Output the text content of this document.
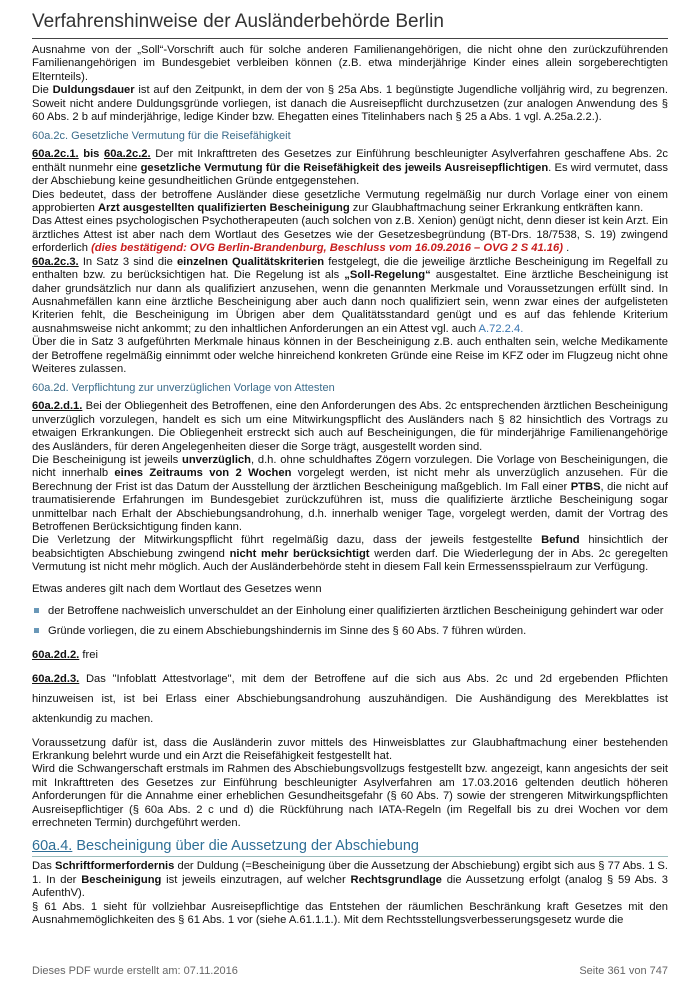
Verfahrenshinweise der Ausländerbehörde Berlin

Ausnahme von der „Soll“-Vorschrift auch für solche anderen Familienangehörigen, die nicht ohne den zurückzuführenden Familienangehörigen im Bundesgebiet verbleiben können (z.B. etwa minderjährige Kinder eines allein sorgeberechtigten Elternteils).

Die Duldungsdauer ist auf den Zeitpunkt, in dem der von § 25a Abs. 1 begünstigte Jugendliche volljährig wird, zu begrenzen. Soweit nicht andere Duldungsgründe vorliegen, ist danach die Ausreisepflicht durchzusetzen (zur analogen Anwendung des § 60 Abs. 2 b auf minderjährige, ledige Kinder bzw. Ehegatten eines Titelinhabers nach § 25 a Abs. 1 vgl. A.25a.2.2.).

60a.2c. Gesetzliche Vermutung für die Reisefähigkeit

60a.2c.1. bis 60a.2c.2. Der mit Inkrafttreten des Gesetzes zur Einführung beschleunigter Asylverfahren geschaffene Abs. 2c enthält nunmehr eine gesetzliche Vermutung für die Reisefähigkeit des jeweils Ausreisepflichtigen. Es wird vermutet, dass der Abschiebung keine gesundheitlichen Gründe entgegenstehen.

Dies bedeutet, dass der betroffene Ausländer diese gesetzliche Vermutung regelmäßig nur durch Vorlage einer von einem approbierten Arzt ausgestellten qualifizierten Bescheinigung zur Glaubhaftmachung seiner Erkrankung entkräften kann.

Das Attest eines psychologischen Psychotherapeuten (auch solchen von z.B. Xenion) genügt nicht, denn dieser ist kein Arzt. Ein ärztliches Attest ist aber nach dem Wortlaut des Gesetzes wie der Gesetzesbegründung (BT-Drs. 18/7538, S. 19) zwingend erforderlich (dies bestätigend: OVG Berlin-Brandenburg, Beschluss vom 16.09.2016 – OVG 2 S 41.16) .

60a.2c.3. In Satz 3 sind die einzelnen Qualitätskriterien festgelegt, die die jeweilige ärztliche Bescheinigung im Regelfall zu enthalten bzw. zu berücksichtigen hat. Die Regelung ist als „Soll-Regelung“ ausgestaltet. Eine ärztliche Bescheinigung ist daher grundsätzlich nur dann als qualifiziert anzusehen, wenn die genannten Merkmale und Voraussetzungen erfüllt sind. In Ausnahmefällen kann eine ärztliche Bescheinigung aber auch dann noch qualifiziert sein, wenn zwar eines der aufgelisteten Kriterien fehlt, die Bescheinigung im Übrigen aber dem Qualitätsstandard genügt und es auf das fehlende Kriterium ausnahmsweise nicht ankommt; zu den inhaltlichen Anforderungen an ein Attest vgl. auch A.72.2.4.

Über die in Satz 3 aufgeführten Merkmale hinaus können in der Bescheinigung z.B. auch enthalten sein, welche Medikamente der Betroffene regelmäßig einnimmt oder welche hinreichend konkreten Gründe eine Reise im KFZ oder im Flugzeug nicht ohne Weiteres zulassen.

60a.2d. Verpflichtung zur unverzüglichen Vorlage von Attesten

60a.2.d.1. Bei der Obliegenheit des Betroffenen, eine den Anforderungen des Abs. 2c entsprechenden ärztlichen Bescheinigung unverzüglich vorzulegen, handelt es sich um eine Mitwirkungspflicht des Ausländers nach § 82 hinsichtlich des Vortrags zu etwaigen Erkrankungen. Die Obliegenheit erstreckt sich auch auf Bescheinigungen, die für minderjährige Familienangehörige des Ausländers, für deren Angelegenheiten dieser die Sorge trägt, ausgestellt worden sind.

Die Bescheinigung ist jeweils unverzüglich, d.h. ohne schuldhaftes Zögern vorzulegen. Die Vorlage von Bescheinigungen, die nicht innerhalb eines Zeitraums von 2 Wochen vorgelegt werden, ist nicht mehr als unverzüglich anzusehen. Für die Berechnung der Frist ist das Datum der Ausstellung der ärztlichen Bescheinigung maßgeblich. Im Fall einer PTBS, die nicht auf traumatisierende Erfahrungen im Bundesgebiet zurückzuführen ist, muss die qualifizierte ärztliche Bescheinigung sogar unmittelbar nach Erhalt der Abschiebungsandrohung, d.h. innerhalb weniger Tage, vorgelegt werden, damit der Vortrag des Betroffenen Berücksichtigung finden kann.

Die Verletzung der Mitwirkungspflicht führt regelmäßig dazu, dass der jeweils festgestellte Befund hinsichtlich der beabsichtigten Abschiebung zwingend nicht mehr berücksichtigt werden darf. Die Wiederlegung der in Abs. 2c geregelten Vermutung ist nicht mehr möglich. Auch der Ausländerbehörde steht in diesem Fall kein Ermessensspielraum zur Verfügung.

Etwas anderes gilt nach dem Wortlaut des Gesetzes wenn

der Betroffene nachweislich unverschuldet an der Einholung einer qualifizierten ärztlichen Bescheinigung gehindert war oder
Gründe vorliegen, die zu einem Abschiebungshindernis im Sinne des § 60 Abs. 7 führen würden.

60a.2d.2. frei

60a.2d.3. Das "Infoblatt Attestvorlage", mit dem der Betroffene auf die sich aus Abs. 2c und 2d ergebenden Pflichten hinzuweisen ist, ist bei Erlass einer Abschiebungsandrohung auszuhändigen. Die Aushändigung des Merekblattes ist aktenkundig zu machen.

Voraussetzung dafür ist, dass die Ausländerin zuvor mittels des Hinweisblattes zur Glaubhaftmachung einer bestehenden Erkrankung belehrt wurde und ein Arzt die Reisefähigkeit festgestellt hat.

Wird die Schwangerschaft erstmals im Rahmen des Abschiebungsvollzugs festgestellt bzw. angezeigt, kann angesichts der seit mit Inkrafttreten des Gesetzes zur Einführung beschleunigter Asylverfahren am 17.03.2016 geltenden deutlich höheren Anforderungen für die Annahme einer erheblichen Gesundheitsgefahr (§ 60 Abs. 7) sowie der strengeren Mitwirkungspflichten Ausreisepflichtiger (§ 60a Abs. 2 c und d) die Rückführung nach IATA-Regeln (im Regelfall bis zu drei Wochen vor dem errechneten Termin) durchgeführt werden.

60a.4. Bescheinigung über die Aussetzung der Abschiebung

Das Schriftformerfordernis der Duldung (=Bescheinigung über die Aussetzung der Abschiebung) ergibt sich aus § 77 Abs. 1 S. 1. In der Bescheinigung ist jeweils einzutragen, auf welcher Rechtsgrundlage die Aussetzung erfolgt (analog § 59 Abs. 3 AufenthV).

§ 61 Abs. 1 sieht für vollziehbar Ausreisepflichtige das Entstehen der räumlichen Beschränkung kraft Gesetzes mit den Ausnahmemöglichkeiten des § 61 Abs. 1 vor (siehe A.61.1.1.). Mit dem Rechtsstellungsverbesserungsgesetz wurde die

Dieses PDF wurde erstellt am: 07.11.2016	Seite 361 von 747
